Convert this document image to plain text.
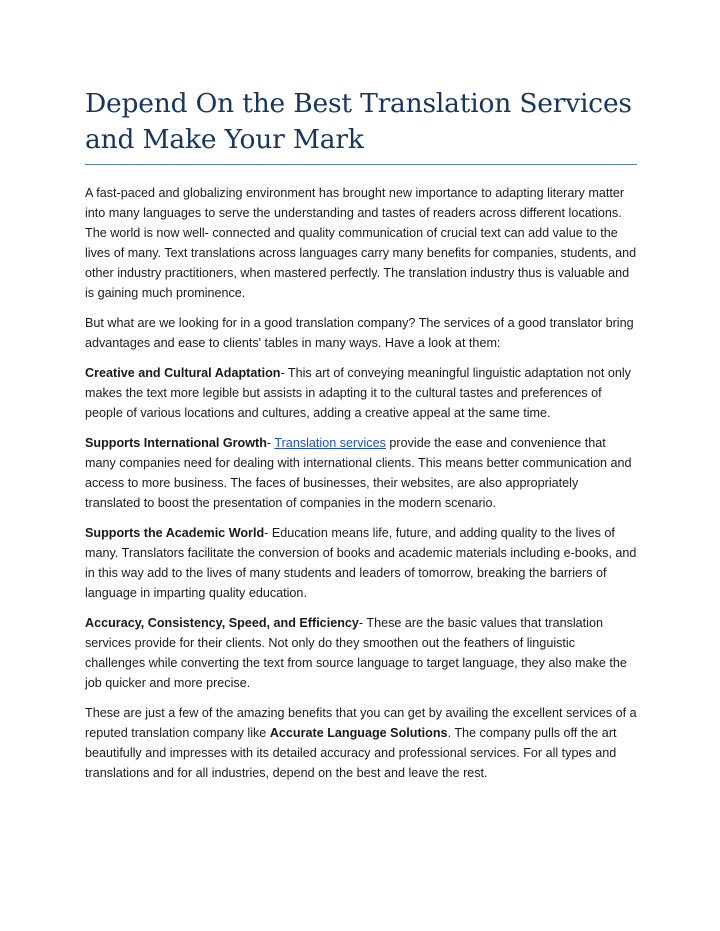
Depend On the Best Translation Services
and Make Your Mark

A fast-paced and globalizing environment has brought new importance to adapting literary matter into many languages to serve the understanding and tastes of readers across different locations. The world is now well- connected and quality communication of crucial text can add value to the lives of many. Text translations across languages carry many benefits for companies, students, and other industry practitioners, when mastered perfectly. The translation industry thus is valuable and is gaining much prominence.

But what are we looking for in a good translation company? The services of a good translator bring advantages and ease to clients' tables in many ways. Have a look at them:

Creative and Cultural Adaptation- This art of conveying meaningful linguistic adaptation not only makes the text more legible but assists in adapting it to the cultural tastes and preferences of people of various locations and cultures, adding a creative appeal at the same time.

Supports International Growth- Translation services provide the ease and convenience that many companies need for dealing with international clients. This means better communication and access to more business. The faces of businesses, their websites, are also appropriately translated to boost the presentation of companies in the modern scenario.

Supports the Academic World- Education means life, future, and adding quality to the lives of many. Translators facilitate the conversion of books and academic materials including e-books, and in this way add to the lives of many students and leaders of tomorrow, breaking the barriers of language in imparting quality education.

Accuracy, Consistency, Speed, and Efficiency- These are the basic values that translation services provide for their clients. Not only do they smoothen out the feathers of linguistic challenges while converting the text from source language to target language, they also make the job quicker and more precise.

These are just a few of the amazing benefits that you can get by availing the excellent services of a reputed translation company like Accurate Language Solutions. The company pulls off the art beautifully and impresses with its detailed accuracy and professional services. For all types and translations and for all industries, depend on the best and leave the rest.
